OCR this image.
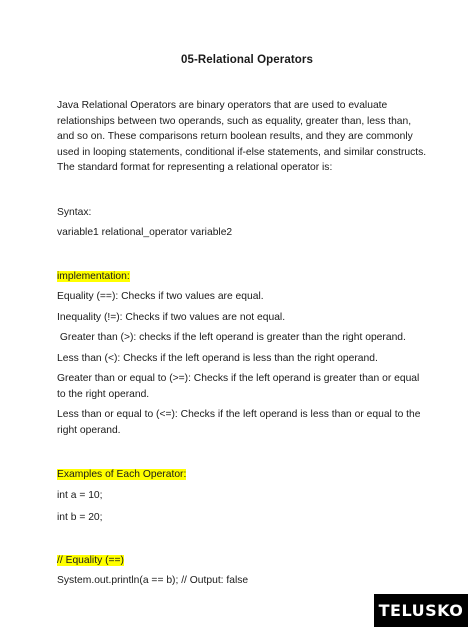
05-Relational Operators

Java Relational Operators are binary operators that are used to evaluate relationships between two operands, such as equality, greater than, less than, and so on. These comparisons return boolean results, and they are commonly used in looping statements, conditional if-else statements, and similar constructs. The standard format for representing a relational operator is:

Syntax:

variable1 relational_operator variable2

implementation:

Equality (==): Checks if two values are equal.

Inequality (!=): Checks if two values are not equal.

Greater than (>): checks if the left operand is greater than the right operand.

Less than (<): Checks if the left operand is less than the right operand.

Greater than or equal to (>=): Checks if the left operand is greater than or equal to the right operand.

Less than or equal to (<=): Checks if the left operand is less than or equal to the right operand.

Examples of Each Operator:

int a = 10;

int b = 20;

// Equality (==)

System.out.println(a == b); // Output: false

TELUSKO
